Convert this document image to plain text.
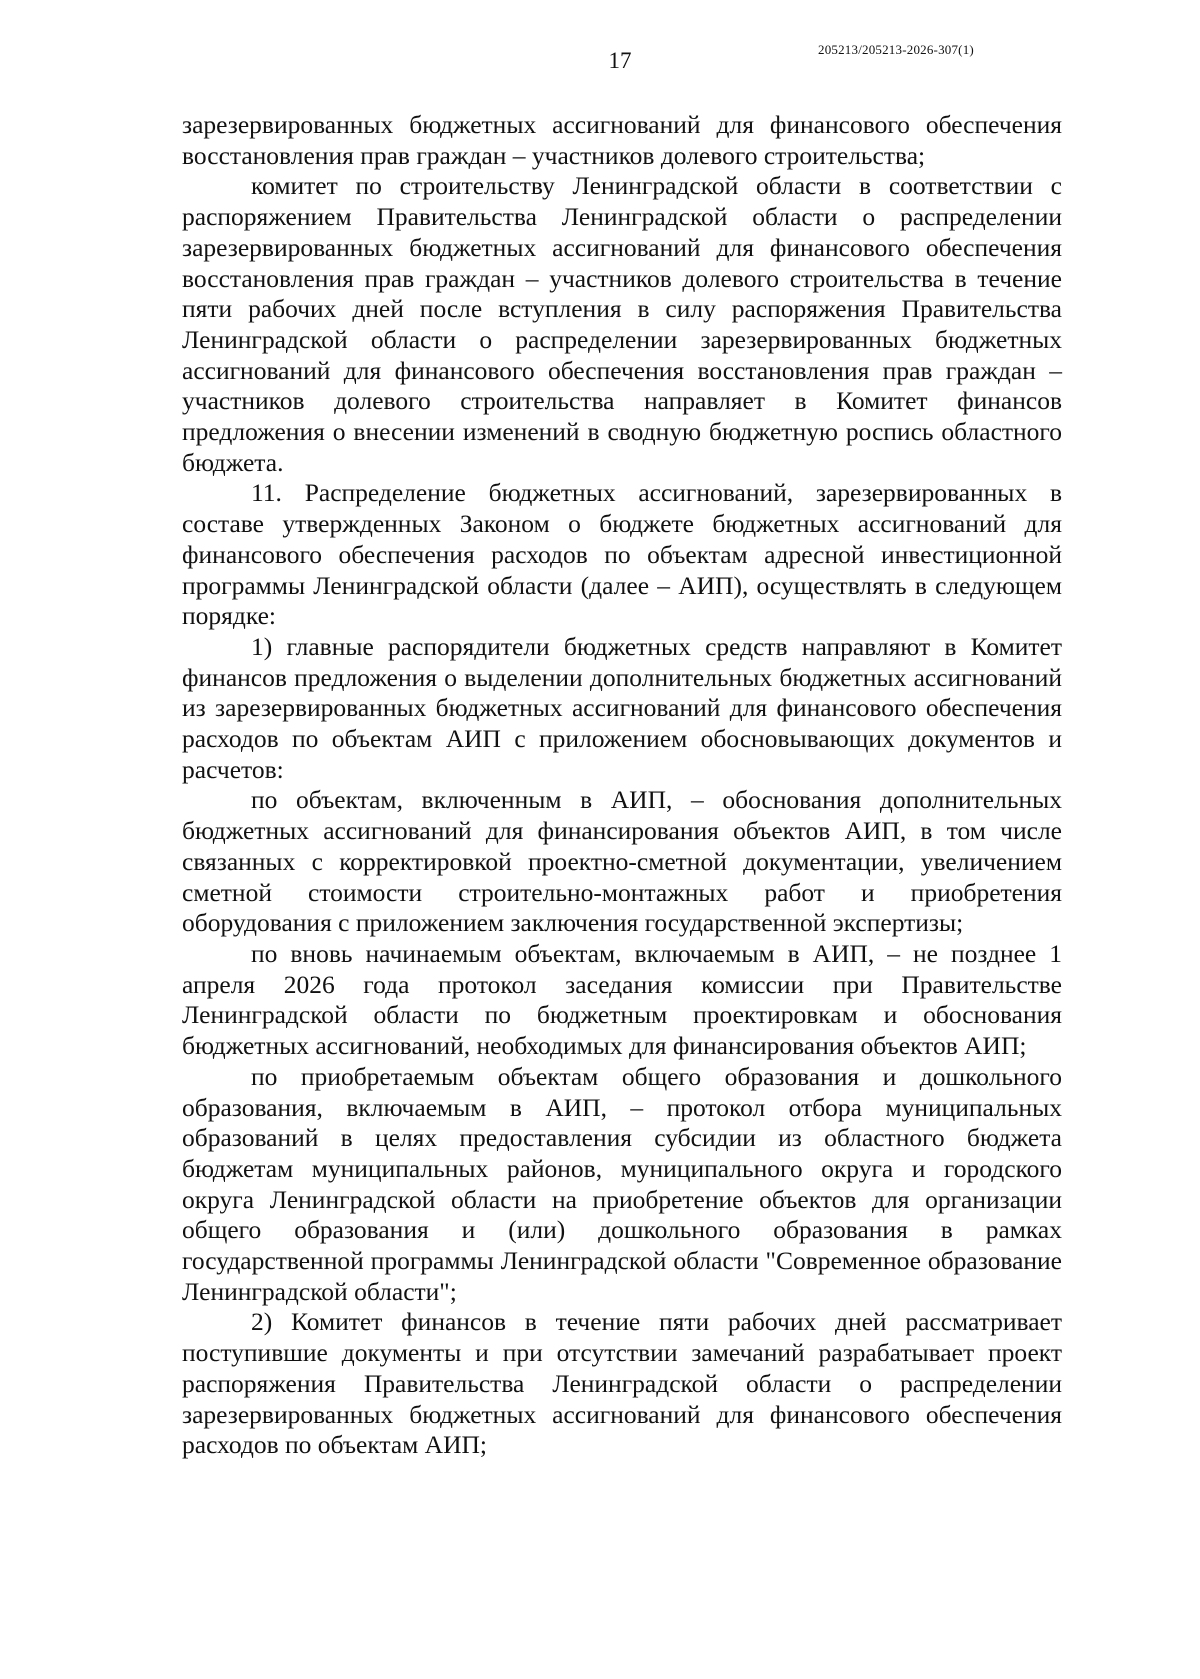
17	205213/205213-2026-307(1)

зарезервированных бюджетных ассигнований для финансового обеспечения восстановления прав граждан – участников долевого строительства;

комитет по строительству Ленинградской области в соответствии с распоряжением Правительства Ленинградской области о распределении зарезервированных бюджетных ассигнований для финансового обеспечения восстановления прав граждан – участников долевого строительства в течение пяти рабочих дней после вступления в силу распоряжения Правительства Ленинградской области о распределении зарезервированных бюджетных ассигнований для финансового обеспечения восстановления прав граждан – участников долевого строительства направляет в Комитет финансов предложения о внесении изменений в сводную бюджетную роспись областного бюджета.

11. Распределение бюджетных ассигнований, зарезервированных в составе утвержденных Законом о бюджете бюджетных ассигнований для финансового обеспечения расходов по объектам адресной инвестиционной программы Ленинградской области (далее – АИП), осуществлять в следующем порядке:

1) главные распорядители бюджетных средств направляют в Комитет финансов предложения о выделении дополнительных бюджетных ассигнований из зарезервированных бюджетных ассигнований для финансового обеспечения расходов по объектам АИП с приложением обосновывающих документов и расчетов:

по объектам, включенным в АИП, – обоснования дополнительных бюджетных ассигнований для финансирования объектов АИП, в том числе связанных с корректировкой проектно-сметной документации, увеличением сметной стоимости строительно-монтажных работ и приобретения оборудования с приложением заключения государственной экспертизы;

по вновь начинаемым объектам, включаемым в АИП, – не позднее 1 апреля 2026 года протокол заседания комиссии при Правительстве Ленинградской области по бюджетным проектировкам и обоснования бюджетных ассигнований, необходимых для финансирования объектов АИП;

по приобретаемым объектам общего образования и дошкольного образования, включаемым в АИП, – протокол отбора муниципальных образований в целях предоставления субсидии из областного бюджета бюджетам муниципальных районов, муниципального округа и городского округа Ленинградской области на приобретение объектов для организации общего образования и (или) дошкольного образования в рамках государственной программы Ленинградской области "Современное образование Ленинградской области";

2) Комитет финансов в течение пяти рабочих дней рассматривает поступившие документы и при отсутствии замечаний разрабатывает проект распоряжения Правительства Ленинградской области о распределении зарезервированных бюджетных ассигнований для финансового обеспечения расходов по объектам АИП;
